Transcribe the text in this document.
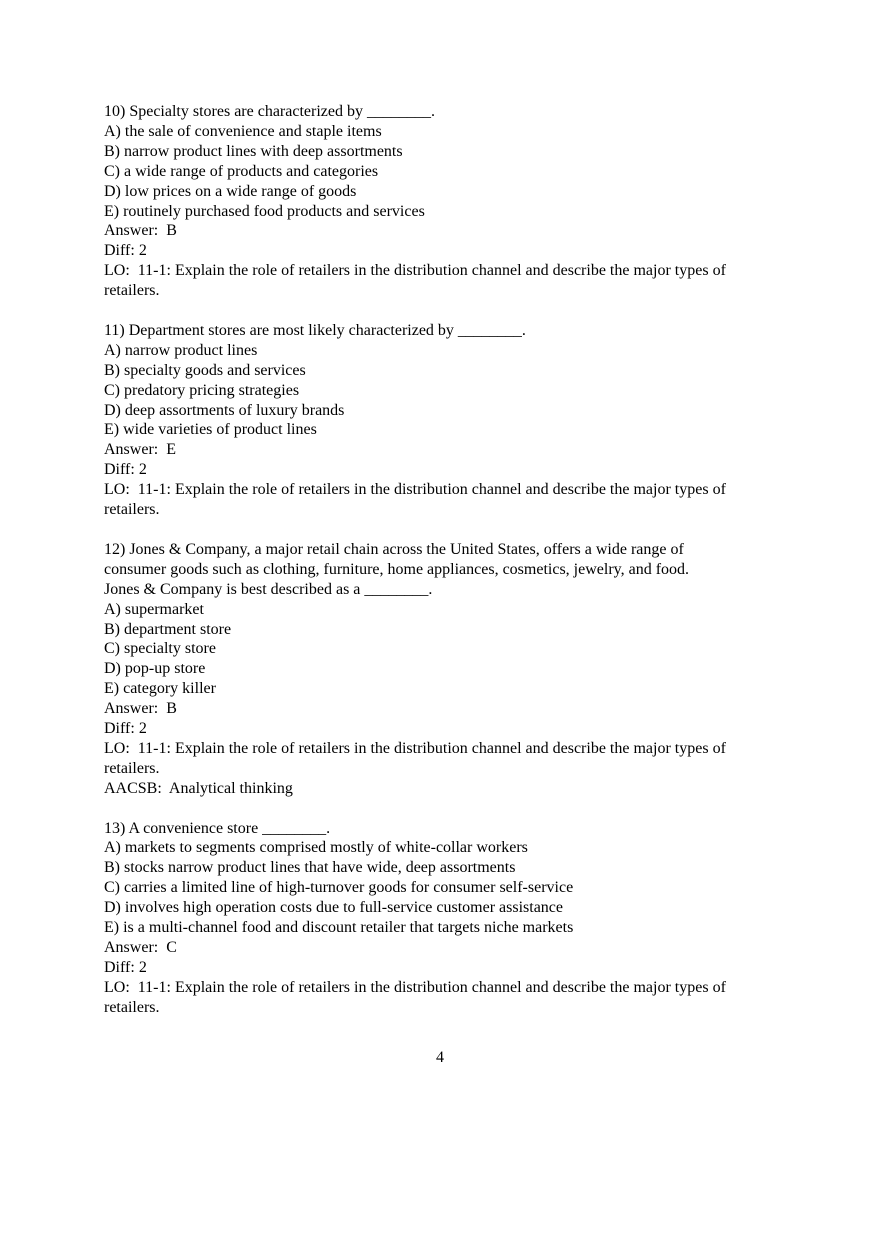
10) Specialty stores are characterized by ________.
A) the sale of convenience and staple items
B) narrow product lines with deep assortments
C) a wide range of products and categories
D) low prices on a wide range of goods
E) routinely purchased food products and services
Answer:  B
Diff: 2
LO:  11-1: Explain the role of retailers in the distribution channel and describe the major types of
retailers.
11) Department stores are most likely characterized by ________.
A) narrow product lines
B) specialty goods and services
C) predatory pricing strategies
D) deep assortments of luxury brands
E) wide varieties of product lines
Answer:  E
Diff: 2
LO:  11-1: Explain the role of retailers in the distribution channel and describe the major types of
retailers.
12) Jones & Company, a major retail chain across the United States, offers a wide range of
consumer goods such as clothing, furniture, home appliances, cosmetics, jewelry, and food.
Jones & Company is best described as a ________.
A) supermarket
B) department store
C) specialty store
D) pop-up store
E) category killer
Answer:  B
Diff: 2
LO:  11-1: Explain the role of retailers in the distribution channel and describe the major types of
retailers.
AACSB:  Analytical thinking
13) A convenience store ________.
A) markets to segments comprised mostly of white-collar workers
B) stocks narrow product lines that have wide, deep assortments
C) carries a limited line of high-turnover goods for consumer self-service
D) involves high operation costs due to full-service customer assistance
E) is a multi-channel food and discount retailer that targets niche markets
Answer:  C
Diff: 2
LO:  11-1: Explain the role of retailers in the distribution channel and describe the major types of
retailers.
4
